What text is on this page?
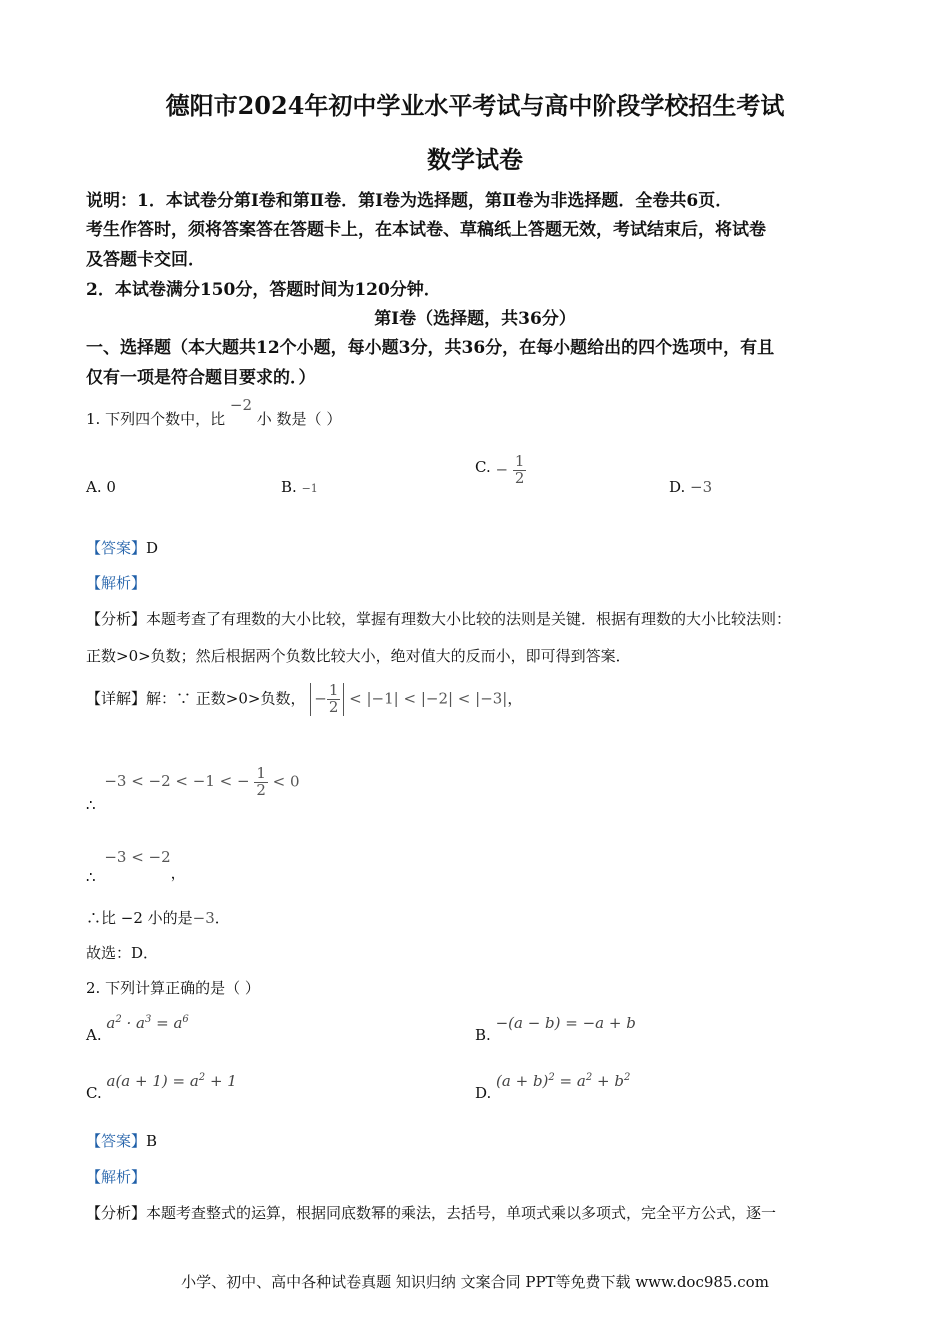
德阳市2024年初中学业水平考试与高中阶段学校招生考试
数学试卷
说明：1．本试卷分第Ⅰ卷和第Ⅱ卷．第Ⅰ卷为选择题，第Ⅱ卷为非选择题．全卷共6页．
考生作答时，须将答案答在答题卡上，在本试卷、草稿纸上答题无效，考试结束后，将试卷
及答题卡交回．
2．本试卷满分150分，答题时间为120分钟．
第Ⅰ卷（选择题，共36分）
一、选择题（本大题共12个小题，每小题3分，共36分，在每小题给出的四个选项中，有且
仅有一项是符合题目要求的．）
1. 下列四个数中，比 −2 小 数是（ ）
A. 0	B. −1
C. − $\frac{1}{2}$
D. −3
【答案】D
【解析】
【分析】本题考查了有理数的大小比较，掌握有理数大小比较的法则是关键．根据有理数的大小比较法则：
正数>0>负数；然后根据两个负数比较大小，绝对值大的反而小，即可得到答案．
【详解】解：∵ 正数>0>负数， − $\frac{1}{2} < |-1| < |-2| < |-3|$，
∴ −3 < −2 < −1 < − $\frac{1}{2} < 0$
∴ −3 < −2，
∴比 −2 小的是−3．
故选：D．
2. 下列计算正确的是（ ）
A. $a^2 \cdot a^3 = a^6$
B. −(a − b) = −a + b
C. $a(a + 1) = a^2 + 1$
D. $(a + b)^2 = a^2 + b^2$
【答案】B
【解析】
【分析】本题考查整式的运算，根据同底数幂的乘法，去括号，单项式乘以多项式，完全平方公式，逐一
小学、初中、高中各种试卷真题 知识归纳 文案合同 PPT等免费下载 www.doc985.com
